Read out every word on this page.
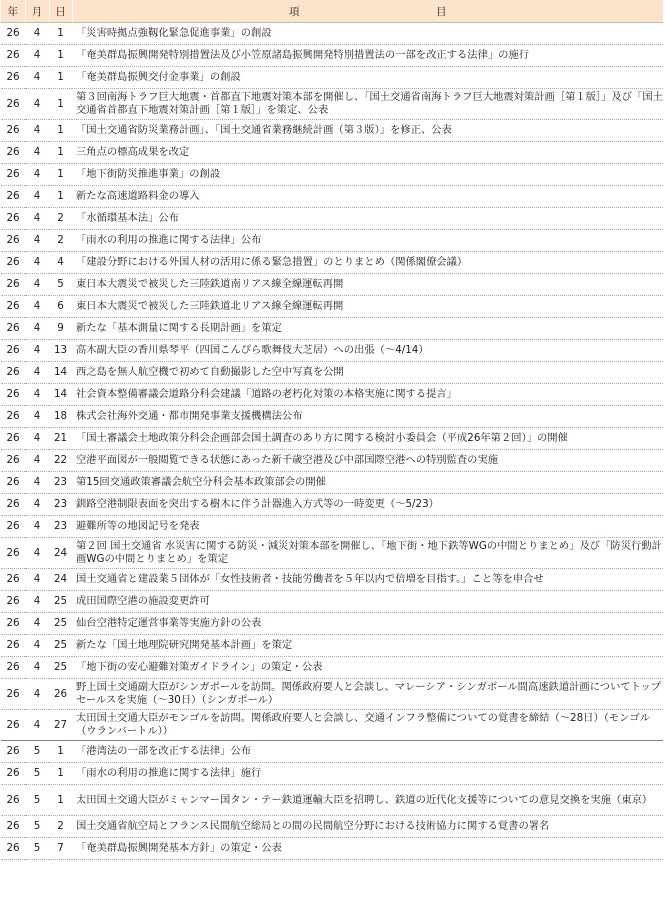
年	月	日	項　　　　　　　　　　　　　目
26	4	1	「災害時拠点強靱化緊急促進事業」の創設
26	4	1	「奄美群島振興開発特別措置法及び小笠原諸島振興開発特別措置法の一部を改正する法律」の施行
26	4	1	「奄美群島振興交付金事業」の創設
26	4	1	第３回南海トラフ巨大地震・首都直下地震対策本部を開催し、「国土交通省南海トラフ巨大地震対策計画［第１版］」及び「国土交通省首都直下地震対策計画［第１版］」を策定、公表
26	4	1	「国土交通省防災業務計画」、「国土交通省業務継続計画（第３版）」を修正、公表
26	4	1	三角点の標高成果を改定
26	4	1	「地下街防災推進事業」の創設
26	4	1	新たな高速道路料金の導入
26	4	2	「水循環基本法」公布
26	4	2	「雨水の利用の推進に関する法律」公布
26	4	4	「建設分野における外国人材の活用に係る緊急措置」のとりまとめ（関係閣僚会議）
26	4	5	東日本大震災で被災した三陸鉄道南リアス線全線運転再開
26	4	6	東日本大震災で被災した三陸鉄道北リアス線全線運転再開
26	4	9	新たな「基本測量に関する長期計画」を策定
26	4	13	高木副大臣の香川県琴平（四国こんぴら歌舞伎大芝居）への出張（～4/14）
26	4	14	西之島を無人航空機で初めて自動撮影した空中写真を公開
26	4	14	社会資本整備審議会道路分科会建議「道路の老朽化対策の本格実施に関する提言」
26	4	18	株式会社海外交通・都市開発事業支援機構法公布
26	4	21	「国土審議会土地政策分科会企画部会国土調査のあり方に関する検討小委員会（平成26年第２回）」の開催
26	4	22	空港平面図が一般閲覧できる状態にあった新千歳空港及び中部国際空港への特別監査の実施
26	4	23	第15回交通政策審議会航空分科会基本政策部会の開催
26	4	23	釧路空港制限表面を突出する樹木に伴う計器進入方式等の一時変更（～5/23）
26	4	23	避難所等の地図記号を発表
26	4	24	第２回 国土交通省 水災害に関する防災・減災対策本部を開催し、「地下街・地下鉄等WGの中間とりまとめ」及び「防災行動計画WGの中間とりまとめ」を策定
26	4	24	国土交通省と建設業５団体が「女性技術者・技能労働者を５年以内で倍増を目指す。」こと等を申合せ
26	4	25	成田国際空港の施設変更許可
26	4	25	仙台空港特定運営事業等実施方針の公表
26	4	25	新たな「国土地理院研究開発基本計画」を策定
26	4	25	「地下街の安心避難対策ガイドライン」の策定・公表
26	4	26	野上国土交通副大臣がシンガポールを訪問。関係政府要人と会談し、マレーシア・シンガポール間高速鉄道計画についてトップセールスを実施（～30日）（シンガポール）
26	4	27	太田国土交通大臣がモンゴルを訪問。関係政府要人と会談し、交通インフラ整備についての覚書を締結（～28日）（モンゴル（ウランバートル））
26	5	1	「港湾法の一部を改正する法律」公布
26	5	1	「雨水の利用の推進に関する法律」施行
26	5	1	太田国土交通大臣がミャンマー国タン・テー鉄道運輸大臣を招聘し、鉄道の近代化支援等についての意見交換を実施（東京）
26	5	2	国土交通省航空局とフランス民間航空総局との間の民間航空分野における技術協力に関する覚書の署名
26	5	7	「奄美群島振興開発基本方針」の策定・公表
